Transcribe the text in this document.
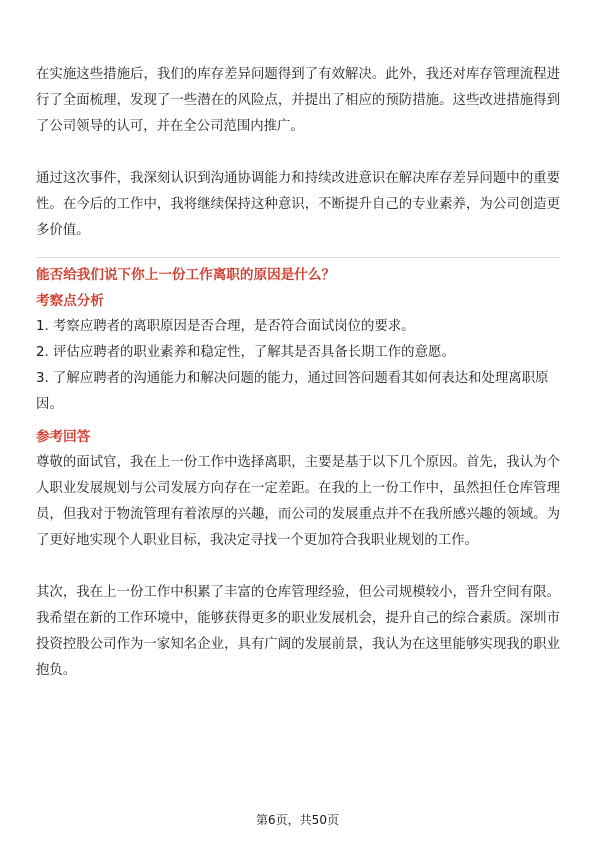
在实施这些措施后，我们的库存差异问题得到了有效解决。此外，我还对库存管理流程进行了全面梳理，发现了一些潜在的风险点，并提出了相应的预防措施。这些改进措施得到了公司领导的认可，并在全公司范围内推广。

通过这次事件，我深刻认识到沟通协调能力和持续改进意识在解决库存差异问题中的重要性。在今后的工作中，我将继续保持这种意识，不断提升自己的专业素养，为公司创造更多价值。

能否给我们说下你上一份工作离职的原因是什么？

考察点分析

1. 考察应聘者的离职原因是否合理，是否符合面试岗位的要求。

2. 评估应聘者的职业素养和稳定性，了解其是否具备长期工作的意愿。

3. 了解应聘者的沟通能力和解决问题的能力，通过回答问题看其如何表达和处理离职原因。

参考回答

尊敬的面试官，我在上一份工作中选择离职，主要是基于以下几个原因。首先，我认为个人职业发展规划与公司发展方向存在一定差距。在我的上一份工作中，虽然担任仓库管理员，但我对于物流管理有着浓厚的兴趣，而公司的发展重点并不在我所感兴趣的领域。为了更好地实现个人职业目标，我决定寻找一个更加符合我职业规划的工作。

其次，我在上一份工作中积累了丰富的仓库管理经验，但公司规模较小，晋升空间有限。我希望在新的工作环境中，能够获得更多的职业发展机会，提升自己的综合素质。深圳市投资控股公司作为一家知名企业，具有广阔的发展前景，我认为在这里能够实现我的职业抱负。

第6页，共50页
